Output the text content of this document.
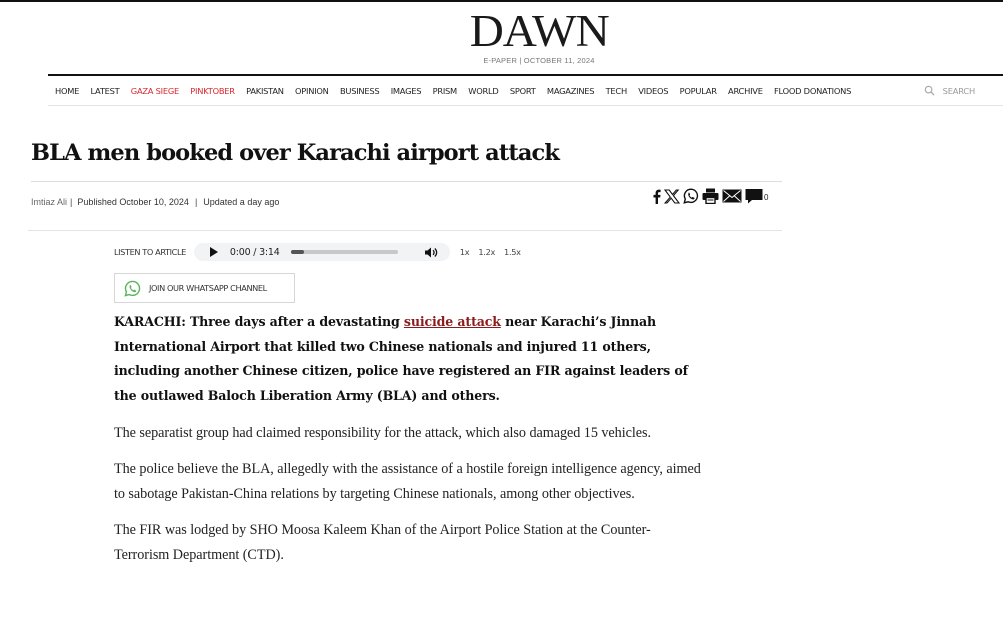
DAWN
E-PAPER | OCTOBER 11, 2024
HOME LATEST GAZA SIEGE PINKTOBER PAKISTAN OPINION BUSINESS IMAGES PRISM WORLD SPORT MAGAZINES TECH VIDEOS POPULAR ARCHIVE FLOOD DONATIONS	SEARCH
BLA men booked over Karachi airport attack
Imtiaz Ali | Published October 10, 2024 | Updated a day ago	0
LISTEN TO ARTICLE	0:00 / 3:14	1x 1.2x 1.5x
JOIN OUR WHATSAPP CHANNEL

KARACHI: Three days after a devastating suicide attack near Karachi’s Jinnah International Airport that killed two Chinese nationals and injured 11 others, including another Chinese citizen, police have registered an FIR against leaders of the outlawed Baloch Liberation Army (BLA) and others.

The separatist group had claimed responsibility for the attack, which also damaged 15 vehicles.

The police believe the BLA, allegedly with the assistance of a hostile foreign intelligence agency, aimed to sabotage Pakistan-China relations by targeting Chinese nationals, among other objectives.

The FIR was lodged by SHO Moosa Kaleem Khan of the Airport Police Station at the Counter-Terrorism Department (CTD).
